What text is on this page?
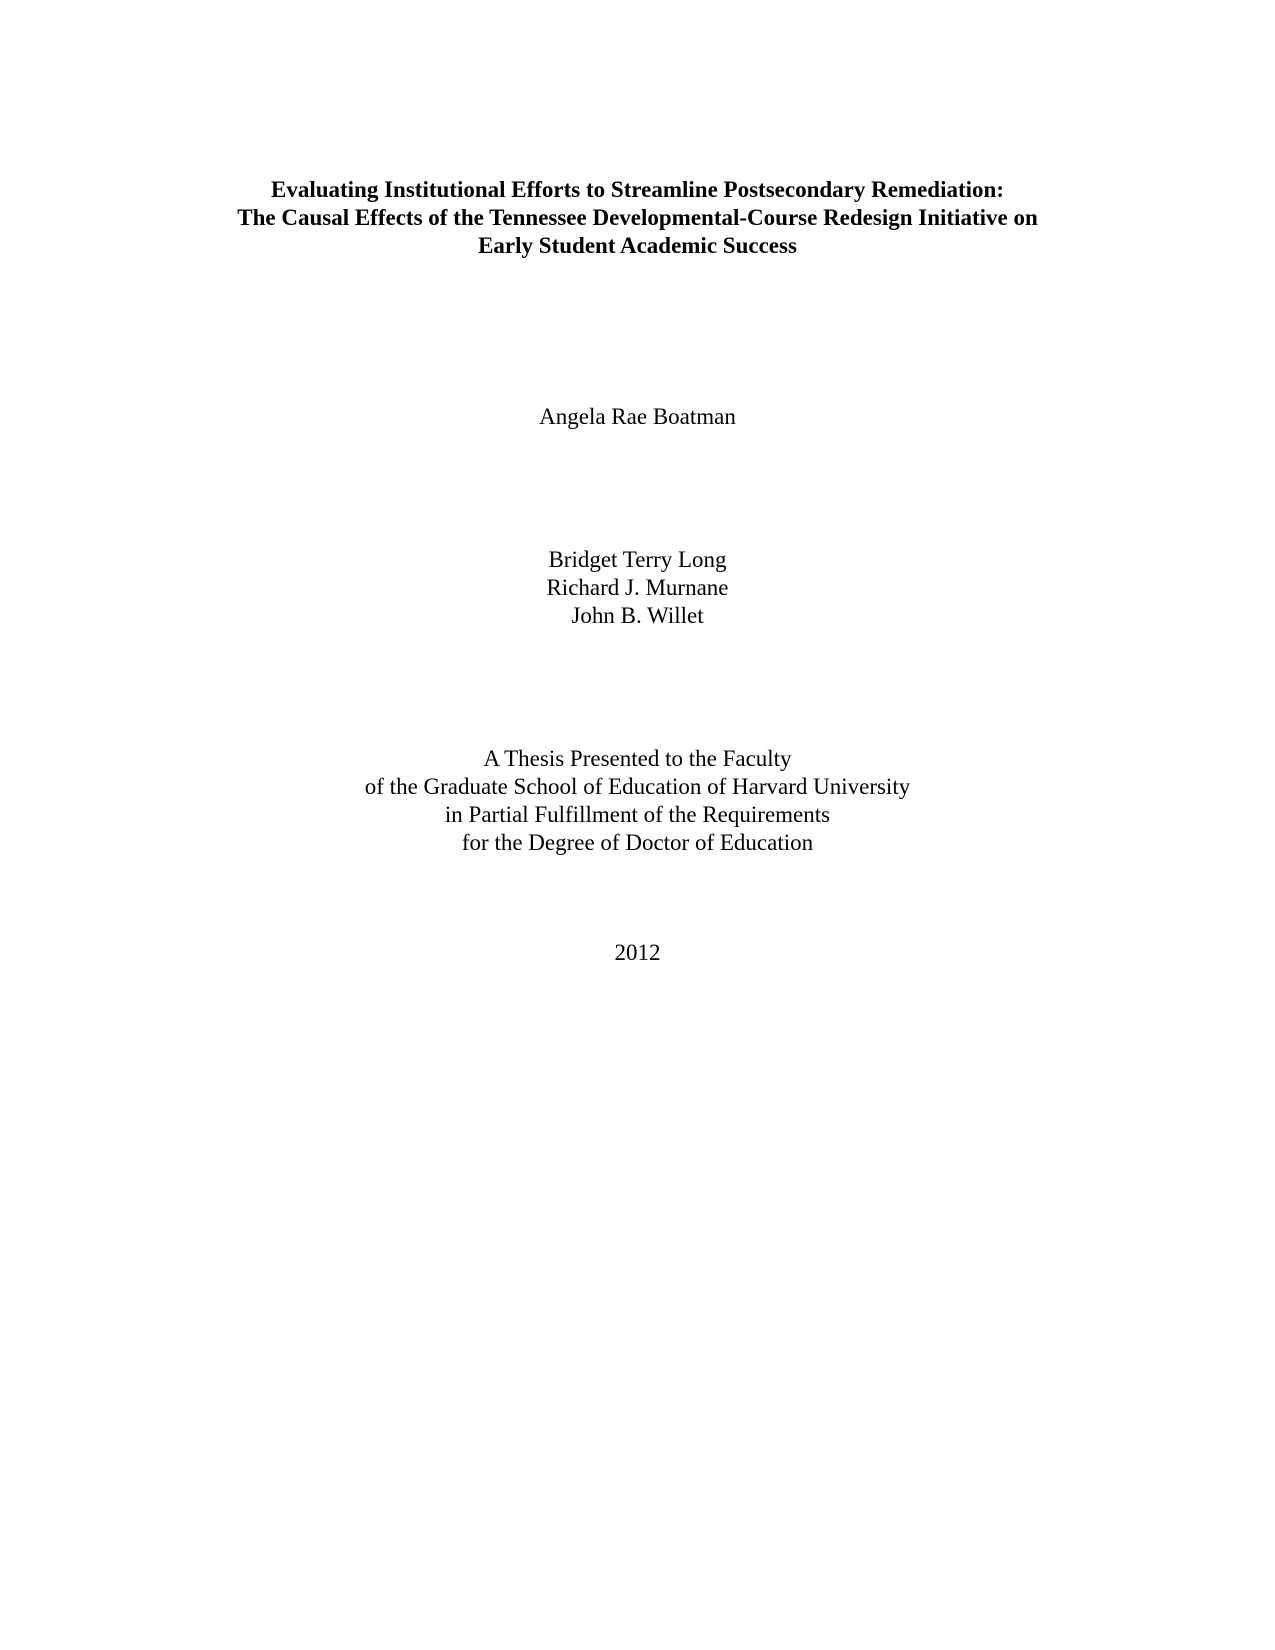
Evaluating Institutional Efforts to Streamline Postsecondary Remediation:
The Causal Effects of the Tennessee Developmental-Course Redesign Initiative on
Early Student Academic Success
Angela Rae Boatman
Bridget Terry Long
Richard J. Murnane
John B. Willet
A Thesis Presented to the Faculty
of the Graduate School of Education of Harvard University
in Partial Fulfillment of the Requirements
for the Degree of Doctor of Education
2012
